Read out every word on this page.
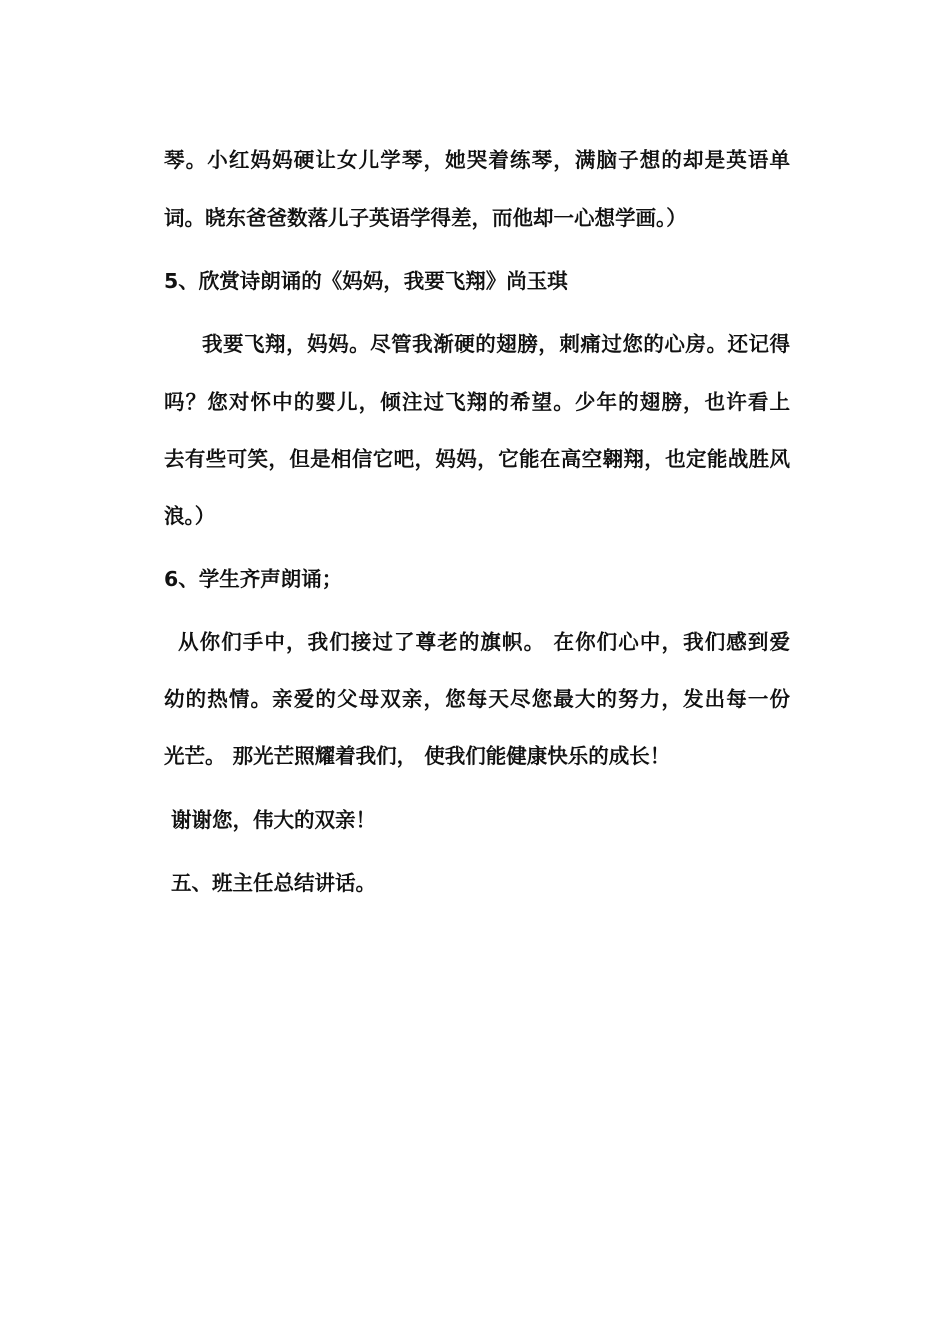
琴。小红妈妈硬让女儿学琴，她哭着练琴，满脑子想的却是英语单

词。晓东爸爸数落儿子英语学得差，而他却一心想学画。）

5、欣赏诗朗诵的《妈妈，我要飞翔》尚玉琪

我要飞翔，妈妈。尽管我渐硬的翅膀，刺痛过您的心房。还记得

吗？您对怀中的婴儿，倾注过飞翔的希望。少年的翅膀，也许看上

去有些可笑，但是相信它吧，妈妈，它能在高空翱翔，也定能战胜风

浪。）

6、学生齐声朗诵；

从你们手中，我们接过了尊老的旗帜。 在你们心中，我们感到爱

幼的热情。亲爱的父母双亲，您每天尽您最大的努力，发出每一份

光芒。 那光芒照耀着我们， 使我们能健康快乐的成长！

谢谢您，伟大的双亲！

五、班主任总结讲话。
